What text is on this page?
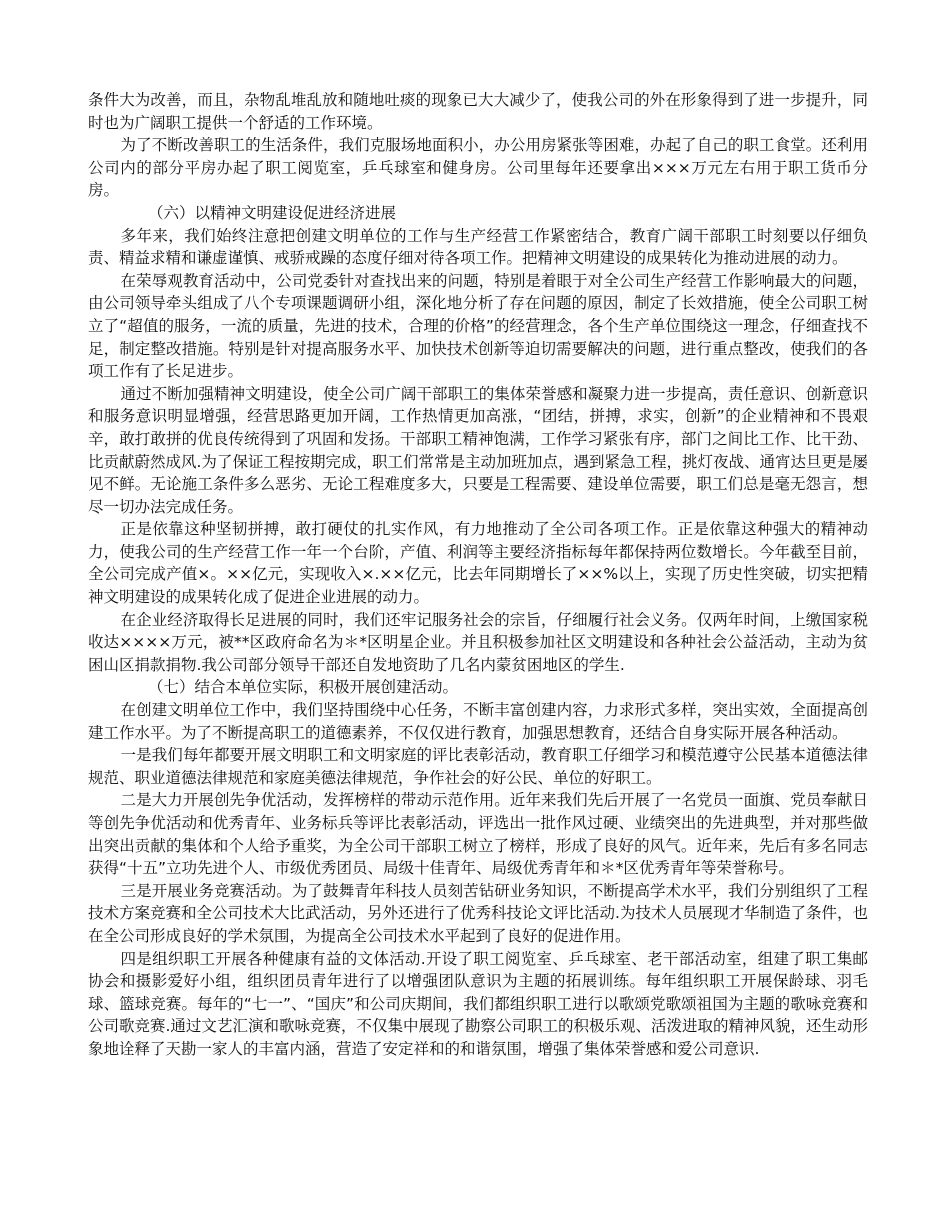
条件大为改善，而且，杂物乱堆乱放和随地吐痰的现象已大大减少了，使我公司的外在形象得到了进一步提升，同时也为广阔职工提供一个舒适的工作环境。

为了不断改善职工的生活条件，我们克服场地面积小，办公用房紧张等困难，办起了自己的职工食堂。还利用公司内的部分平房办起了职工阅览室，乒乓球室和健身房。公司里每年还要拿出×××万元左右用于职工货币分房。

（六）以精神文明建设促进经济进展

多年来，我们始终注意把创建文明单位的工作与生产经营工作紧密结合，教育广阔干部职工时刻要以仔细负责、精益求精和谦虚谨慎、戒骄戒躁的态度仔细对待各项工作。把精神文明建设的成果转化为推动进展的动力。

在荣辱观教育活动中，公司党委针对查找出来的问题，特别是着眼于对全公司生产经营工作影响最大的问题，由公司领导牵头组成了八个专项课题调研小组，深化地分析了存在问题的原因，制定了长效措施，使全公司职工树立了“超值的服务，一流的质量，先进的技术，合理的价格”的经营理念，各个生产单位围绕这一理念，仔细查找不足，制定整改措施。特别是针对提高服务水平、加快技术创新等迫切需要解决的问题，进行重点整改，使我们的各项工作有了长足进步。

通过不断加强精神文明建设，使全公司广阔干部职工的集体荣誉感和凝聚力进一步提高，责任意识、创新意识和服务意识明显增强，经营思路更加开阔，工作热情更加高涨，“团结，拼搏，求实，创新”的企业精神和不畏艰辛，敢打敢拼的优良传统得到了巩固和发扬。干部职工精神饱满，工作学习紧张有序，部门之间比工作、比干劲、比贡献蔚然成风.为了保证工程按期完成，职工们常常是主动加班加点，遇到紧急工程，挑灯夜战、通宵达旦更是屡见不鲜。无论施工条件多么恶劣、无论工程难度多大，只要是工程需要、建设单位需要，职工们总是毫无怨言，想尽一切办法完成任务。

正是依靠这种坚韧拼搏，敢打硬仗的扎实作风，有力地推动了全公司各项工作。正是依靠这种强大的精神动力，使我公司的生产经营工作一年一个台阶，产值、利润等主要经济指标每年都保持两位数增长。今年截至目前，全公司完成产值×。××亿元，实现收入×.××亿元，比去年同期增长了××%以上，实现了历史性突破，切实把精神文明建设的成果转化成了促进企业进展的动力。

在企业经济取得长足进展的同时，我们还牢记服务社会的宗旨，仔细履行社会义务。仅两年时间，上缴国家税收达××××万元，被**区政府命名为＊*区明星企业。并且积极参加社区文明建设和各种社会公益活动，主动为贫困山区捐款捐物.我公司部分领导干部还自发地资助了几名内蒙贫困地区的学生.

（七）结合本单位实际，积极开展创建活动。

在创建文明单位工作中，我们坚持围绕中心任务，不断丰富创建内容，力求形式多样，突出实效，全面提高创建工作水平。为了不断提高职工的道德素养，不仅仅进行教育，加强思想教育，还结合自身实际开展各种活动。

一是我们每年都要开展文明职工和文明家庭的评比表彰活动，教育职工仔细学习和模范遵守公民基本道德法律规范、职业道德法律规范和家庭美德法律规范，争作社会的好公民、单位的好职工。

二是大力开展创先争优活动，发挥榜样的带动示范作用。近年来我们先后开展了一名党员一面旗、党员奉献日等创先争优活动和优秀青年、业务标兵等评比表彰活动，评选出一批作风过硬、业绩突出的先进典型，并对那些做出突出贡献的集体和个人给予重奖，为全公司干部职工树立了榜样，形成了良好的风气。近年来，先后有多名同志获得“十五”立功先进个人、市级优秀团员、局级十佳青年、局级优秀青年和＊*区优秀青年等荣誉称号。

三是开展业务竞赛活动。为了鼓舞青年科技人员刻苦钻研业务知识，不断提高学术水平，我们分别组织了工程技术方案竞赛和全公司技术大比武活动，另外还进行了优秀科技论文评比活动.为技术人员展现才华制造了条件，也在全公司形成良好的学术氛围，为提高全公司技术水平起到了良好的促进作用。

四是组织职工开展各种健康有益的文体活动.开设了职工阅览室、乒乓球室、老干部活动室，组建了职工集邮协会和摄影爱好小组，组织团员青年进行了以增强团队意识为主题的拓展训练。每年组织职工开展保龄球、羽毛球、篮球竞赛。每年的“七一”、“国庆”和公司庆期间，我们都组织职工进行以歌颂党歌颂祖国为主题的歌咏竞赛和公司歌竞赛.通过文艺汇演和歌咏竞赛，不仅集中展现了勘察公司职工的积极乐观、活泼进取的精神风貌，还生动形象地诠释了天勘一家人的丰富内涵，营造了安定祥和的和谐氛围，增强了集体荣誉感和爱公司意识.
